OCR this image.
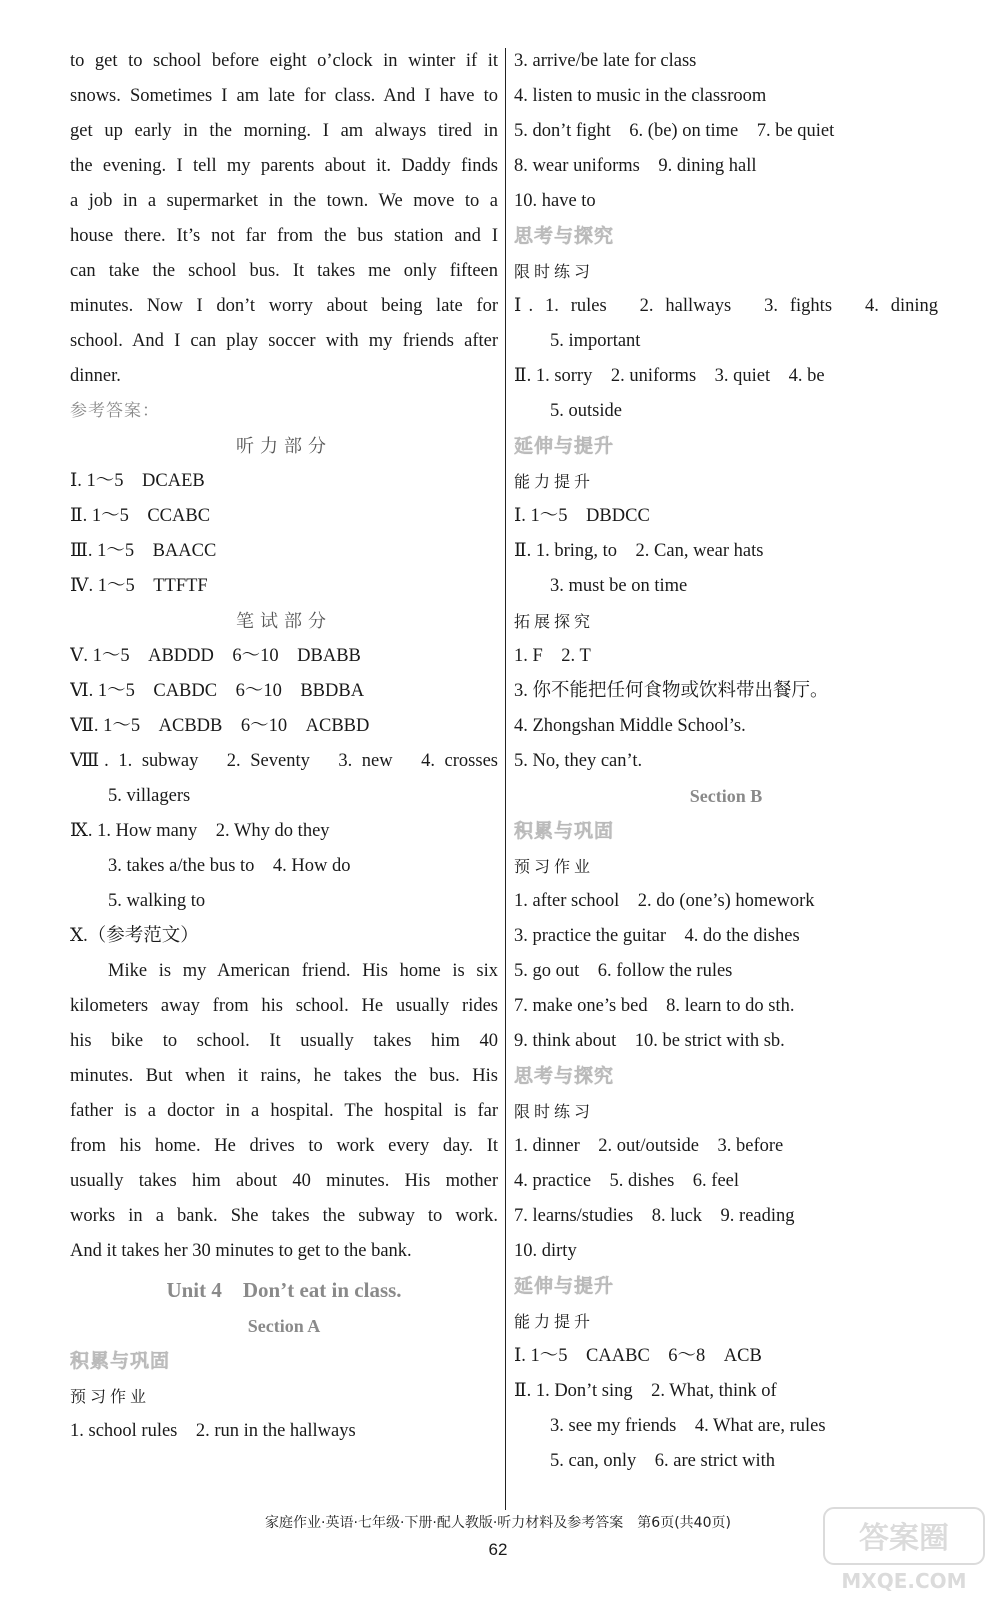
to get to school before eight o’clock in winter if it
snows. Sometimes I am late for class. And I have to
get up early in the morning. I am always tired in
the evening. I tell my parents about it. Daddy finds
a job in a supermarket in the town. We move to a
house there. It’s not far from the bus station and I
can take the school bus. It takes me only fifteen
minutes. Now I don’t worry about being late for
school. And I can play soccer with my friends after
dinner.
参考答案：
听力部分
Ⅰ. 1～5　DCAEB
Ⅱ. 1～5　CCABC
Ⅲ. 1～5　BAACC
Ⅳ. 1～5　TTFTF
笔试部分
Ⅴ. 1～5　ABDDD　6～10　DBABB
Ⅵ. 1～5　CABDC　6～10　BBDBA
Ⅶ. 1～5　ACBDB　6～10　ACBBD
Ⅷ. 1. subway　2. Seventy　3. new　4. crosses
5. villagers
Ⅸ. 1. How many　2. Why do they
3. takes a/the bus to　4. How do
5. walking to
Ⅹ.（参考范文）
Mike is my American friend. His home is six
kilometers away from his school. He usually rides
his bike to school. It usually takes him 40
minutes. But when it rains, he takes the bus. His
father is a doctor in a hospital. The hospital is far
from his home. He drives to work every day. It
usually takes him about 40 minutes. His mother
works in a bank. She takes the subway to work.
And it takes her 30 minutes to get to the bank.
Unit 4　Don’t eat in class.
Section A
积累与巩固
预习作业
1. school rules　2. run in the hallways
3. arrive/be late for class
4. listen to music in the classroom
5. don’t fight　6. (be) on time　7. be quiet
8. wear uniforms　9. dining hall
10. have to
思考与探究
限时练习
Ⅰ. 1. rules　2. hallways　3. fights　4. dining
5. important
Ⅱ. 1. sorry　2. uniforms　3. quiet　4. be
5. outside
延伸与提升
能力提升
Ⅰ. 1～5　DBDCC
Ⅱ. 1. bring, to　2. Can, wear hats
3. must be on time
拓展探究
1. F　2. T
3. 你不能把任何食物或饮料带出餐厅。
4. Zhongshan Middle School’s.
5. No, they can’t.
Section B
积累与巩固
预习作业
1. after school　2. do (one’s) homework
3. practice the guitar　4. do the dishes
5. go out　6. follow the rules
7. make one’s bed　8. learn to do sth.
9. think about　10. be strict with sb.
思考与探究
限时练习
1. dinner　2. out/outside　3. before
4. practice　5. dishes　6. feel
7. learns/studies　8. luck　9. reading
10. dirty
延伸与提升
能力提升
Ⅰ. 1～5　CAABC　6～8　ACB
Ⅱ. 1. Don’t sing　2. What, think of
3. see my friends　4. What are, rules
5. can, only　6. are strict with
家庭作业·英语·七年级·下册·配人教版·听力材料及参考答案　第6页(共40页)
62	答案圈
MXQE.COM
